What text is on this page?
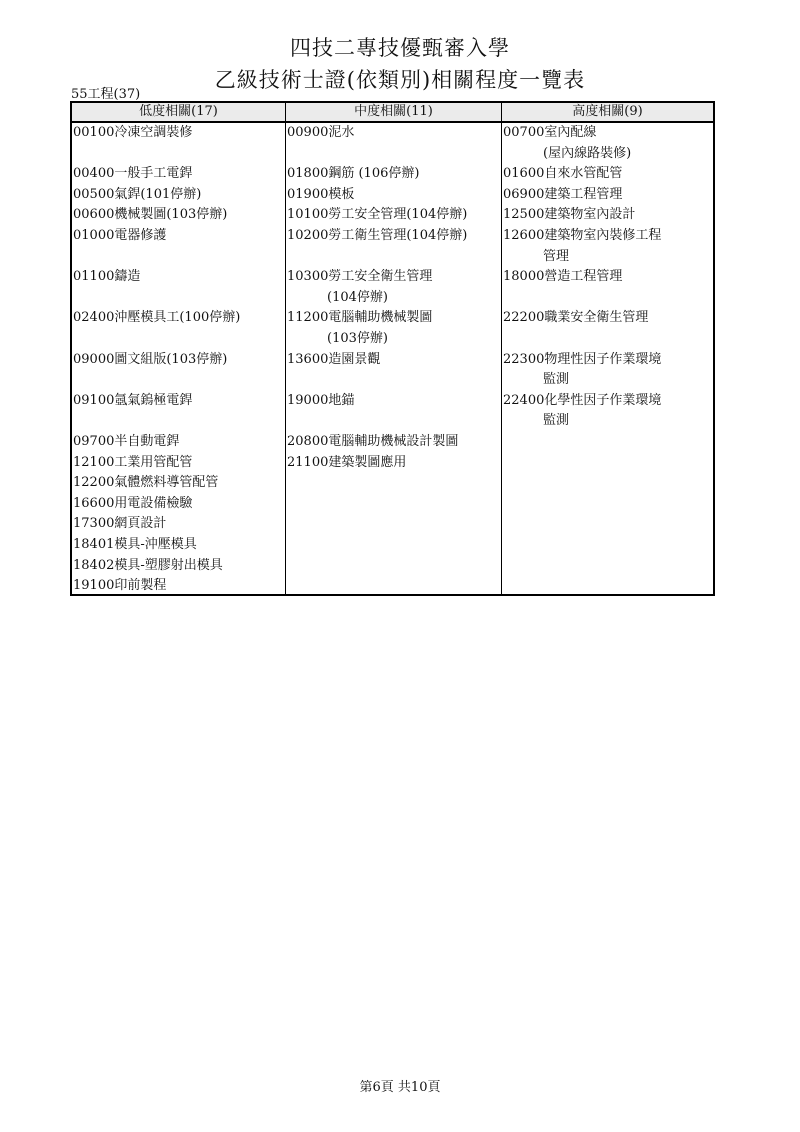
四技二專技優甄審入學
乙級技術士證(依類別)相關程度一覽表
55工程(37)
低度相關(17)	中度相關(11)	高度相關(9)
00100冷凍空調裝修
00400一般手工電銲
00500氣銲(101停辦)
00600機械製圖(103停辦)
01000電器修護
01100鑄造
02400沖壓模具工(100停辦)
09000圖文組版(103停辦)
09100氬氣鎢極電銲
09700半自動電銲
12100工業用管配管
12200氣體燃料導管配管
16600用電設備檢驗
17300網頁設計
18401模具-沖壓模具
18402模具-塑膠射出模具
19100印前製程
00900泥水
01800鋼筋 (106停辦)
01900模板
10100勞工安全管理(104停辦)
10200勞工衛生管理(104停辦)
10300勞工安全衛生管理
(104停辦)
11200電腦輔助機械製圖
(103停辦)
13600造園景觀
19000地錨
20800電腦輔助機械設計製圖
21100建築製圖應用
00700室內配線
(屋內線路裝修)
01600自來水管配管
06900建築工程管理
12500建築物室內設計
12600建築物室內裝修工程
管理
18000營造工程管理
22200職業安全衛生管理
22300物理性因子作業環境
監測
22400化學性因子作業環境
監測
第6頁 共10頁
